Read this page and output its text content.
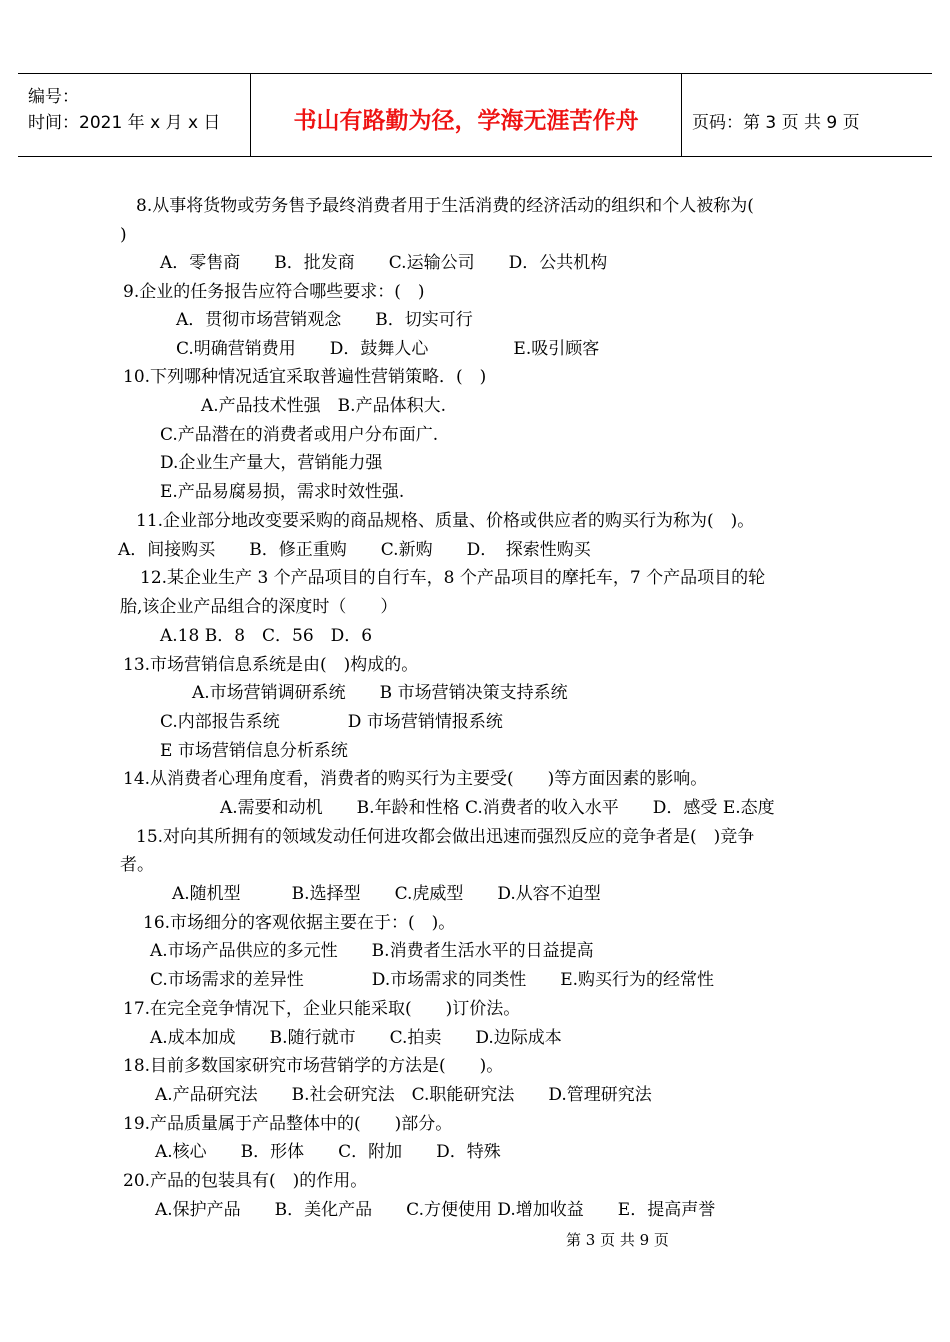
编号：
时间：2021 年 x 月 x 日	书山有路勤为径，学海无涯苦作舟	页码：第 3 页 共 9 页
8.从事将货物或劳务售予最终消费者用于生活消费的经济活动的组织和个人被称为(
)
A．零售商　　B．批发商　　C.运输公司　　D．公共机构
9.企业的任务报告应符合哪些要求：(　)
A．贯彻市场营销观念　　B．切实可行
C.明确营销费用　　D．鼓舞人心　　　　　E.吸引顾客
10.下列哪种情况适宜采取普遍性营销策略．(　)
A.产品技术性强　B.产品体积大.
C.产品潜在的消费者或用户分布面广.
D.企业生产量大，营销能力强
E.产品易腐易损，需求时效性强.
11.企业部分地改变要采购的商品规格、质量、价格或供应者的购买行为称为(　)。
A．间接购买　　B．修正重购　　C.新购　　D．　探索性购买
12.某企业生产 3 个产品项目的自行车，8 个产品项目的摩托车，7 个产品项目的轮
胎,该企业产品组合的深度时（　　）
A.18 B．8　C．56　D．6
13.市场营销信息系统是由(　)构成的。
A.市场营销调研系统　　B 市场营销决策支持系统
C.内部报告系统　　　　D 市场营销情报系统
E 市场营销信息分析系统
14.从消费者心理角度看，消费者的购买行为主要受(　　)等方面因素的影响。
A.需要和动机　　B.年龄和性格 C.消费者的收入水平　　D．感受 E.态度
15.对向其所拥有的领域发动任何进攻都会做出迅速而强烈反应的竞争者是(　)竞争
者。
A.随机型　　　B.选择型　　C.虎威型　　D.从容不迫型
16.市场细分的客观依据主要在于：(　)。
A.市场产品供应的多元性　　B.消费者生活水平的日益提高
C.市场需求的差异性　　　　D.市场需求的同类性　　E.购买行为的经常性
17.在完全竞争情况下，企业只能采取(　　)订价法。
A.成本加成　　B.随行就市　　C.拍卖　　D.边际成本
18.目前多数国家研究市场营销学的方法是(　　)。
A.产品研究法　　B.社会研究法　C.职能研究法　　D.管理研究法
19.产品质量属于产品整体中的(　　)部分。
A.核心　　B．形体　　C．附加　　D．特殊
20.产品的包装具有(　)的作用。
A.保护产品　　B．美化产品　　C.方便使用 D.增加收益　　E．提高声誉
第 3 页 共 9 页
